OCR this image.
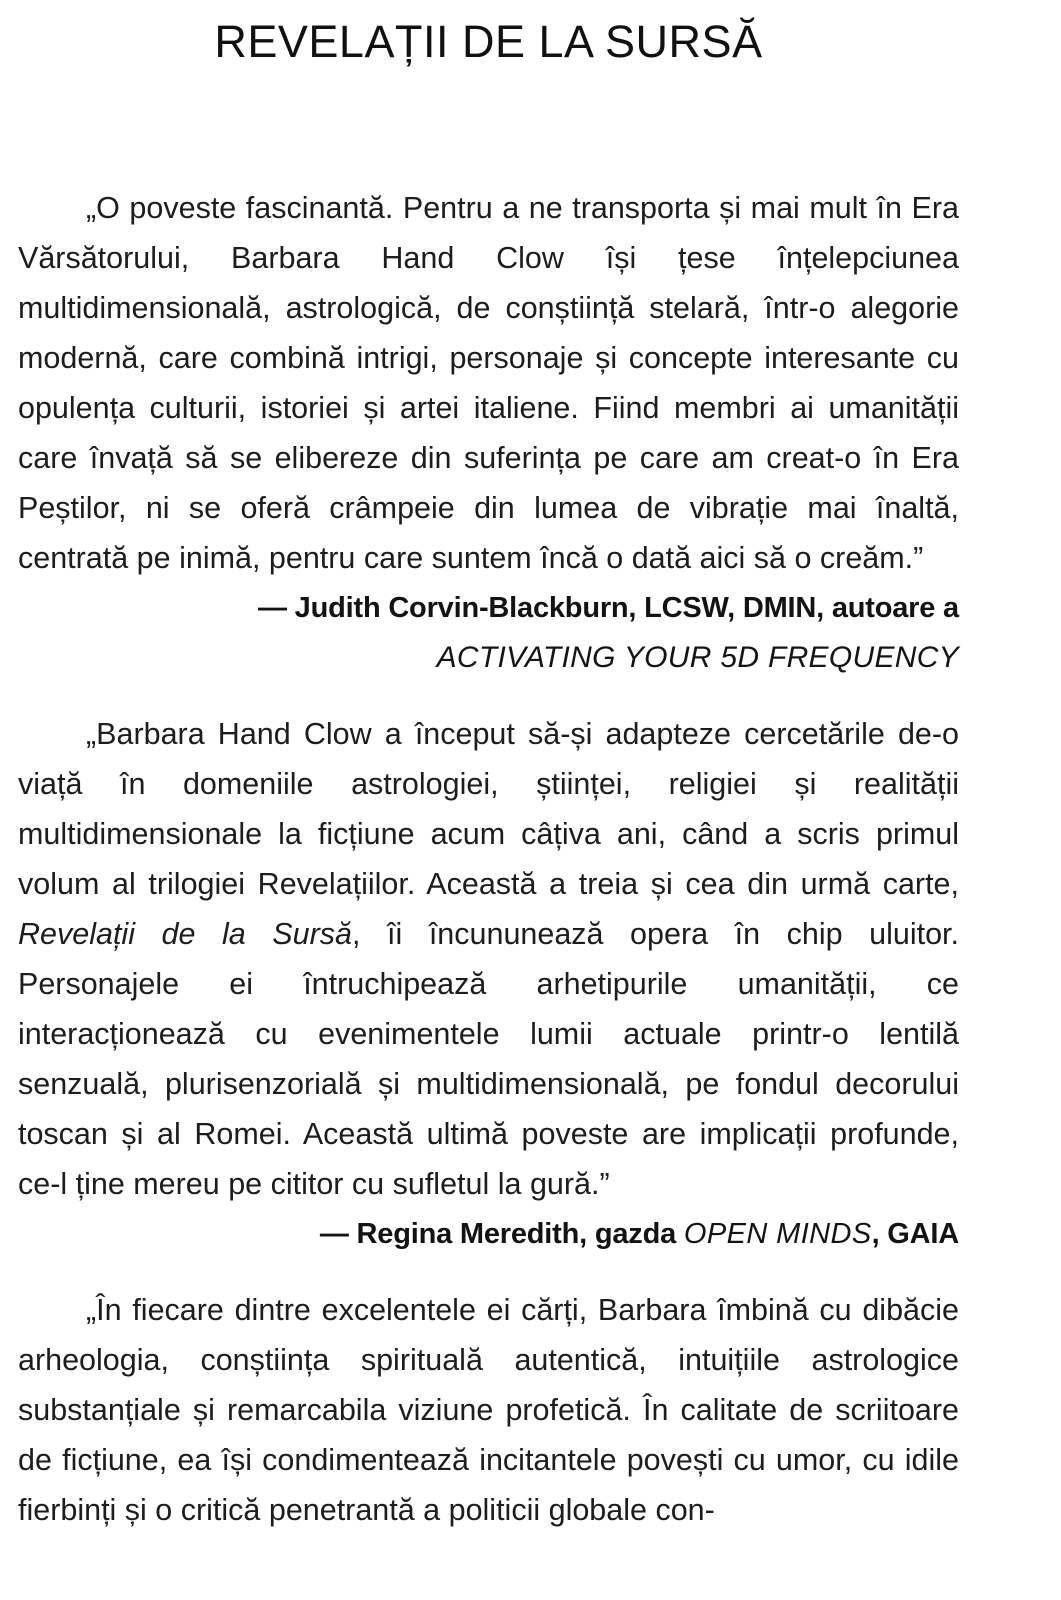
REVELAȚII DE LA SURSĂ

„O poveste fascinantă. Pentru a ne transporta și mai mult în Era Vărsătorului, Barbara Hand Clow își țese înțelepciunea multidimensională, astrologică, de conștiință stelară, într-o alegorie modernă, care combină intrigi, personaje și concepte interesante cu opulența culturii, istoriei și artei italiene. Fiind membri ai umanității care învață să se elibereze din suferința pe care am creat-o în Era Peștilor, ni se oferă crâmpeie din lumea de vibrație mai înaltă, centrată pe inimă, pentru care suntem încă o dată aici să o creăm.”

— Judith Corvin-Blackburn, LCSW, DMIN, autoare a

ACTIVATING YOUR 5D FREQUENCY

„Barbara Hand Clow a început să-și adapteze cercetările de-o viață în domeniile astrologiei, științei, religiei și realității multidimensionale la ficțiune acum câțiva ani, când a scris primul volum al trilogiei Revelațiilor. Această a treia și cea din urmă carte, Revelații de la Sursă, îi încununează opera în chip uluitor. Personajele ei întruchipează arhetipurile umanității, ce interacționează cu evenimentele lumii actuale printr-o lentilă senzuală, plurisenzorială și multidimensională, pe fondul decorului toscan și al Romei. Această ultimă poveste are implicații profunde, ce-l ține mereu pe cititor cu sufletul la gură.”

— Regina Meredith, gazda OPEN MINDS, GAIA

„În fiecare dintre excelentele ei cărți, Barbara îmbină cu dibăcie arheologia, conștiința spirituală autentică, intuițiile astrologice substanțiale și remarcabila viziune profetică. În calitate de scriitoare de ficțiune, ea își condimentează incitantele povești cu umor, cu idile fierbinți și o critică penetrantă a politicii globale con-
